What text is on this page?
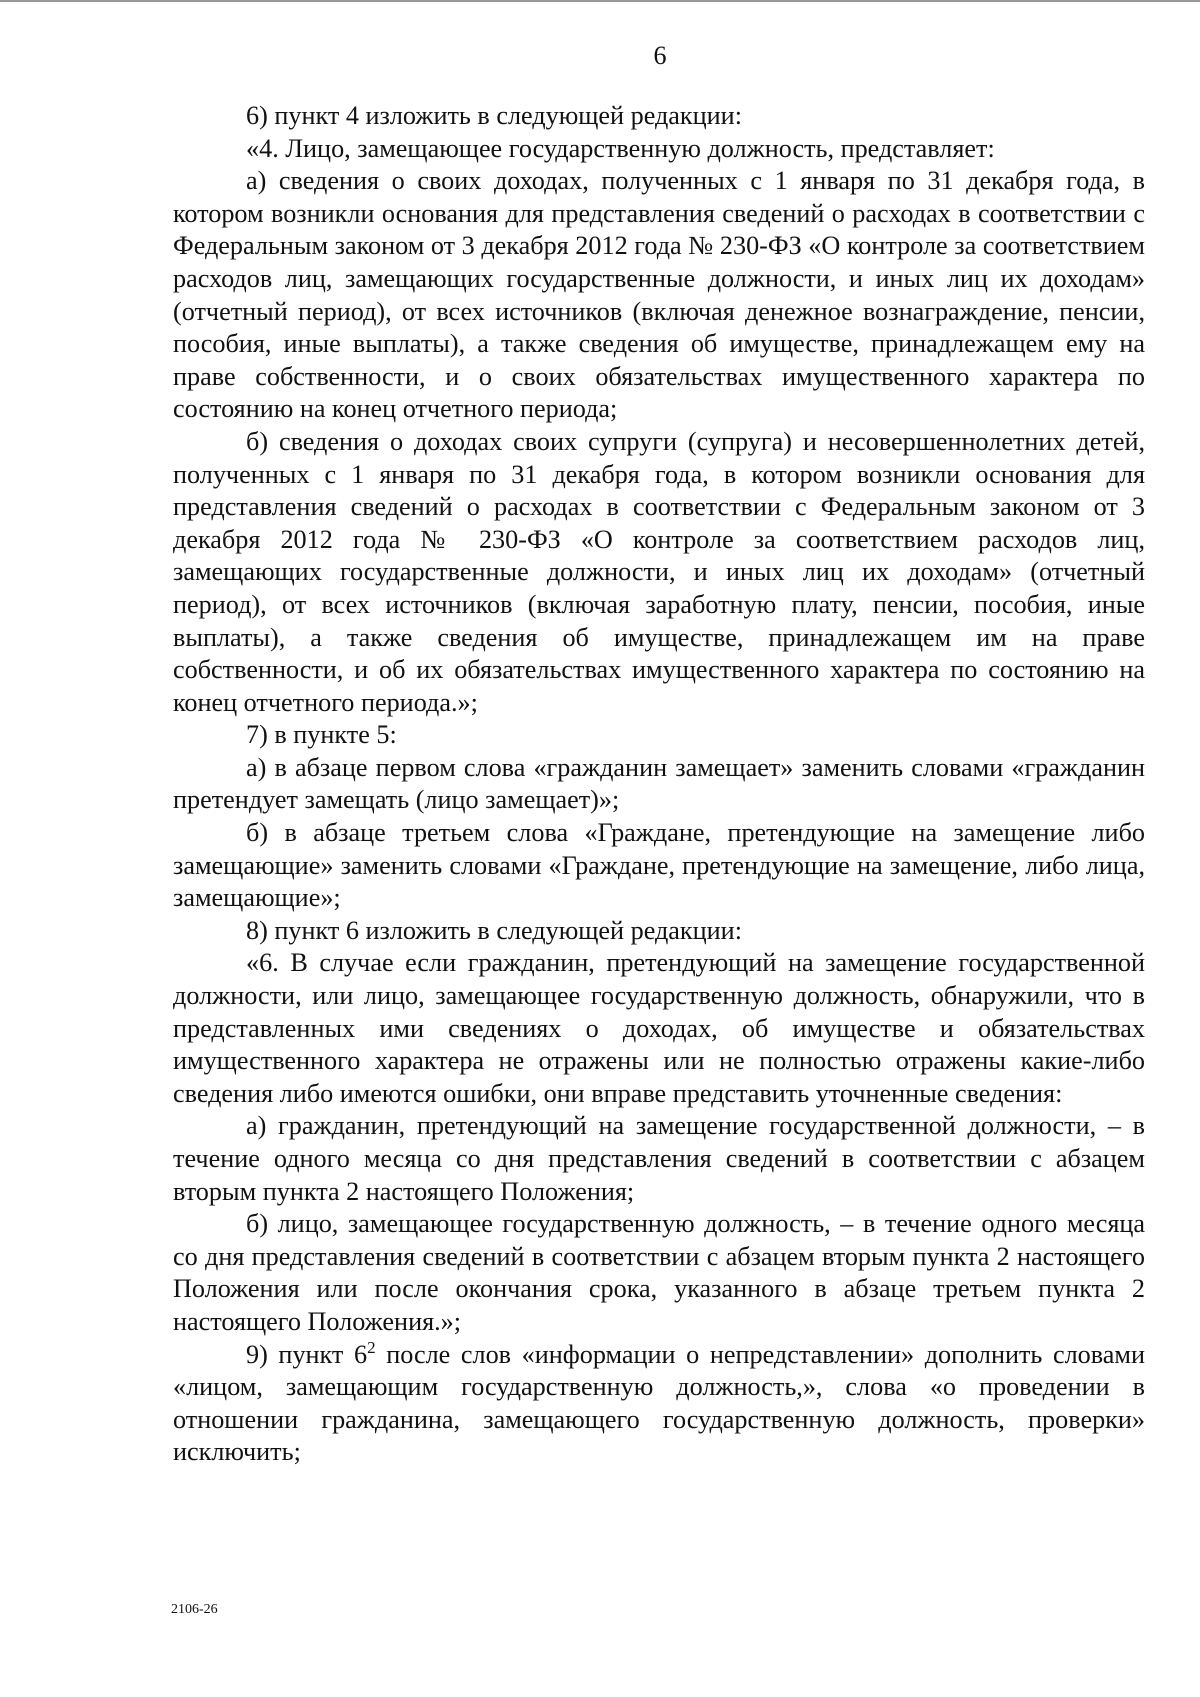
6

6) пункт 4 изложить в следующей редакции:

«4. Лицо, замещающее государственную должность, представляет:

а) сведения о своих доходах, полученных с 1 января по 31 декабря года, в котором возникли основания для представления сведений о расходах в соответствии с Федеральным законом от 3 декабря 2012 года № 230-ФЗ «О контроле за соответствием расходов лиц, замещающих государственные должности, и иных лиц их доходам» (отчетный период), от всех источников (включая денежное вознаграждение, пенсии, пособия, иные выплаты), а также сведения об имуществе, принадлежащем ему на праве собственности, и о своих обязательствах имущественного характера по состоянию на конец отчетного периода;

б) сведения о доходах своих супруги (супруга) и несовершеннолетних детей, полученных с 1 января по 31 декабря года, в котором возникли основания для представления сведений о расходах в соответствии с Федеральным законом от 3 декабря 2012 года № 230-ФЗ «О контроле за соответствием расходов лиц, замещающих государственные должности, и иных лиц их доходам» (отчетный период), от всех источников (включая заработную плату, пенсии, пособия, иные выплаты), а также сведения об имуществе, принадлежащем им на праве собственности, и об их обязательствах имущественного характера по состоянию на конец отчетного периода.»;

7) в пункте 5:

а) в абзаце первом слова «гражданин замещает» заменить словами «гражданин претендует замещать (лицо замещает)»;

б) в абзаце третьем слова «Граждане, претендующие на замещение либо замещающие» заменить словами «Граждане, претендующие на замещение, либо лица, замещающие»;

8) пункт 6 изложить в следующей редакции:

«6. В случае если гражданин, претендующий на замещение государственной должности, или лицо, замещающее государственную должность, обнаружили, что в представленных ими сведениях о доходах, об имуществе и обязательствах имущественного характера не отражены или не полностью отражены какие-либо сведения либо имеются ошибки, они вправе представить уточненные сведения:

а) гражданин, претендующий на замещение государственной должности, – в течение одного месяца со дня представления сведений в соответствии с абзацем вторым пункта 2 настоящего Положения;

б) лицо, замещающее государственную должность, – в течение одного месяца со дня представления сведений в соответствии с абзацем вторым пункта 2 настоящего Положения или после окончания срока, указанного в абзаце третьем пункта 2 настоящего Положения.»;

9) пункт $6^2$ после слов «информации о непредставлении» дополнить словами «лицом, замещающим государственную должность,», слова «о проведении в отношении гражданина, замещающего государственную должность, проверки» исключить;

2106-26
